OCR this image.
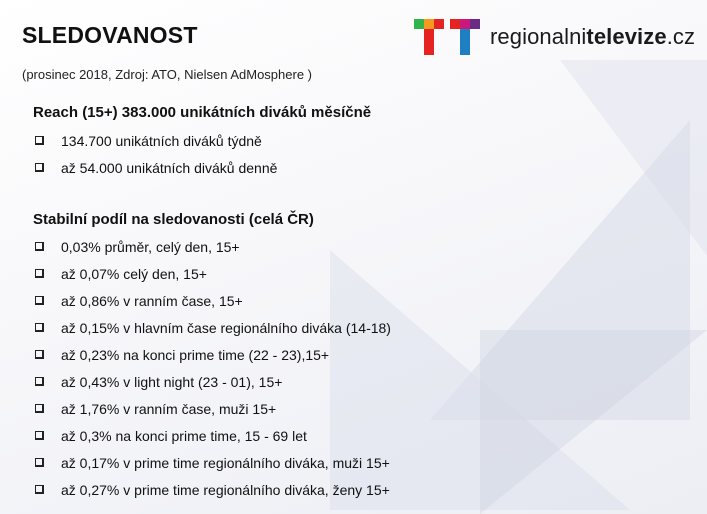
SLEDOVANOST

(prosinec 2018, Zdroj: ATO, Nielsen AdMosphere )

regionalnitelevize.cz
Reach (15+) 383.000 unikátních diváků měsíčně
134.700 unikátních diváků týdně
až 54.000 unikátních diváků denně
Stabilní podíl na sledovanosti (celá ČR)
0,03% průměr, celý den, 15+
až 0,07% celý den, 15+
až 0,86% v ranním čase, 15+
až 0,15% v hlavním čase regionálního diváka (14-18)
až 0,23% na konci prime time (22 - 23),15+
až 0,43% v light night (23 - 01), 15+
až 1,76% v ranním čase, muži 15+
až 0,3% na konci prime time, 15 - 69 let
až 0,17% v prime time regionálního diváka, muži 15+
až 0,27% v prime time regionálního diváka, ženy 15+
